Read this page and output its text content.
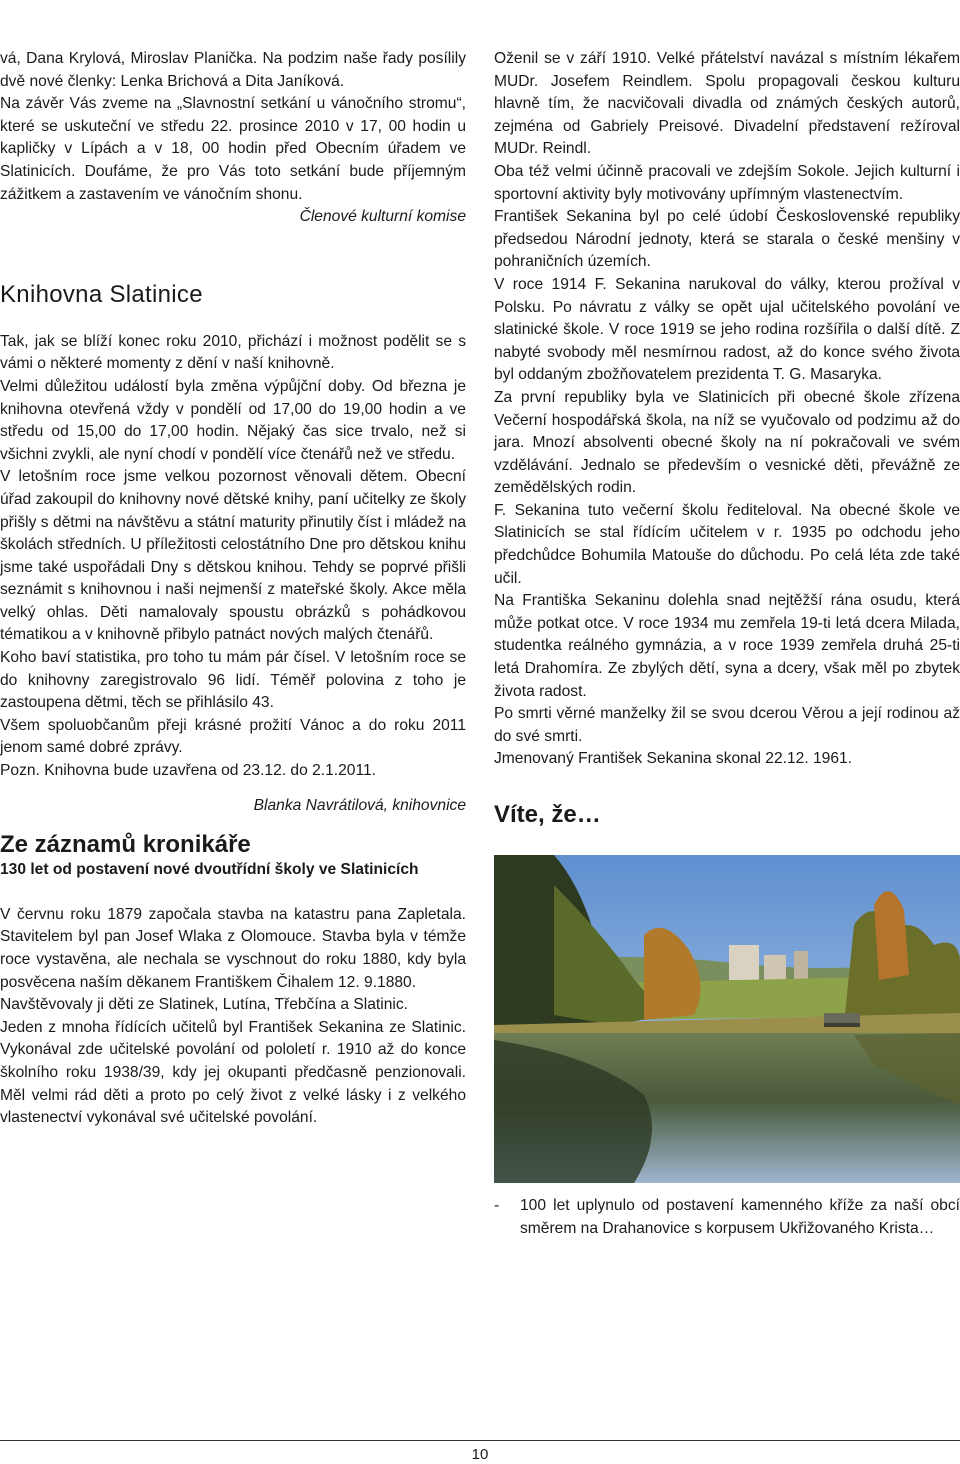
vá, Dana Krylová, Miroslav Planička. Na podzim naše řady posílily dvě nové členky: Lenka Brichová a Dita Janíková.

Na závěr Vás zveme na „Slavnostní setkání u vánočního stromu“, které se uskuteční ve středu 22. prosince 2010 v 17, 00 hodin u kapličky v Lípách a v 18, 00 hodin před Obecním úřadem ve Slatinicích. Doufáme, že pro Vás toto setkání bude příjemným zážitkem a zastavením ve vánočním shonu.

Členové kulturní komise

Knihovna Slatinice

Tak, jak se blíží konec roku 2010, přichází i možnost podělit se s vámi o některé momenty z dění v naší knihovně.

Velmi důležitou událostí byla změna výpůjční doby. Od března je knihovna otevřená vždy v pondělí od 17,00 do 19,00 hodin a ve středu od 15,00 do 17,00 hodin. Nějaký čas sice trvalo, než si všichni zvykli, ale nyní chodí v pondělí více čtenářů než ve středu.

V letošním roce jsme velkou pozornost věnovali dětem. Obecní úřad zakoupil do knihovny nové dětské knihy, paní učitelky ze školy přišly s dětmi na návštěvu a státní maturity přinutily číst i mládež na školách středních. U příležitosti celostátního Dne pro dětskou knihu jsme také uspořádali Dny s dětskou knihou. Tehdy se poprvé přišli seznámit s knihovnou i naši nejmenší z mateřské školy. Akce měla velký ohlas. Děti namalovaly spoustu obrázků s pohádkovou tématikou a v knihovně přibylo patnáct nových malých čtenářů.

Koho baví statistika, pro toho tu mám pár čísel. V letošním roce se do knihovny zaregistrovalo 96 lidí. Téměř polovina z toho je zastoupena dětmi, těch se přihlásilo 43.

Všem spoluobčanům přeji krásné prožití Vánoc a do roku 2011 jenom samé dobré zprávy.

Pozn. Knihovna bude uzavřena od 23.12. do 2.1.2011.

Blanka Navrátilová, knihovnice

Ze záznamů kronikáře
130 let od postavení nové dvoutřídní školy ve Slatinicích

V červnu roku 1879 započala stavba na katastru pana Zapletala. Stavitelem byl pan Josef Wlaka z Olomouce. Stavba byla v témže roce vystavěna, ale nechala se vyschnout do roku 1880, kdy byla posvěcena naším děkanem Františkem Čihalem 12. 9.1880.

Navštěvovaly ji děti ze Slatinek, Lutína, Třebčína a Slatinic.

Jeden z mnoha řídících učitelů byl František Sekanina ze Slatinic. Vykonával zde učitelské povolání od pololetí r. 1910 až do konce školního roku 1938/39, kdy jej okupanti předčasně penzionovali. Měl velmi rád děti a proto po celý život z velké lásky i z velkého vlastenectví vykonával své učitelské povolání.

Oženil se v září 1910. Velké přátelství navázal s místním lékařem MUDr. Josefem Reindlem. Spolu propagovali českou kulturu hlavně tím, že nacvičovali divadla od známých českých autorů, zejména od Gabriely Preisové. Divadelní představení režíroval MUDr. Reindl.

Oba též velmi účinně pracovali ve zdejším Sokole. Jejich kulturní i sportovní aktivity byly motivovány upřímným vlastenectvím.

František Sekanina byl po celé údobí Československé republiky předsedou Národní jednoty, která se starala o české menšiny v pohraničních územích.

V roce 1914 F. Sekanina narukoval do války, kterou prožíval v Polsku. Po návratu z války se opět ujal učitelského povolání ve slatinické škole. V roce 1919 se jeho rodina rozšířila o další dítě. Z nabyté svobody měl nesmírnou radost, až do konce svého života byl oddaným zbožňovatelem prezidenta T. G. Masaryka.

Za první republiky byla ve Slatinicích při obecné škole zřízena Večerní hospodářská škola, na níž se vyučovalo od podzimu až do jara. Mnozí absolventi obecné školy na ní pokračovali ve svém vzdělávání. Jednalo se především o vesnické děti, převážně ze zemědělských rodin.

F. Sekanina tuto večerní školu řediteloval. Na obecné škole ve Slatinicích se stal řídícím učitelem v r. 1935 po odchodu jeho předchůdce Bohumila Matouše do důchodu. Po celá léta zde také učil.

Na Františka Sekaninu dolehla snad nejtěžší rána osudu, která může potkat otce. V roce 1934 mu zemřela 19-ti letá dcera Milada, studentka reálného gymnázia, a v roce 1939 zemřela druhá 25-ti letá Drahomíra. Ze zbylých dětí, syna a dcery, však měl po zbytek života radost.

Po smrti věrné manželky žil se svou dcerou Věrou a její rodinou až do své smrti.

Jmenovaný František Sekanina skonal 22.12. 1961.

Víte, že…
-	100 let uplynulo od postavení kamenného kříže za naší obcí směrem na Drahanovice s korpusem Ukřižovaného Krista…
10
